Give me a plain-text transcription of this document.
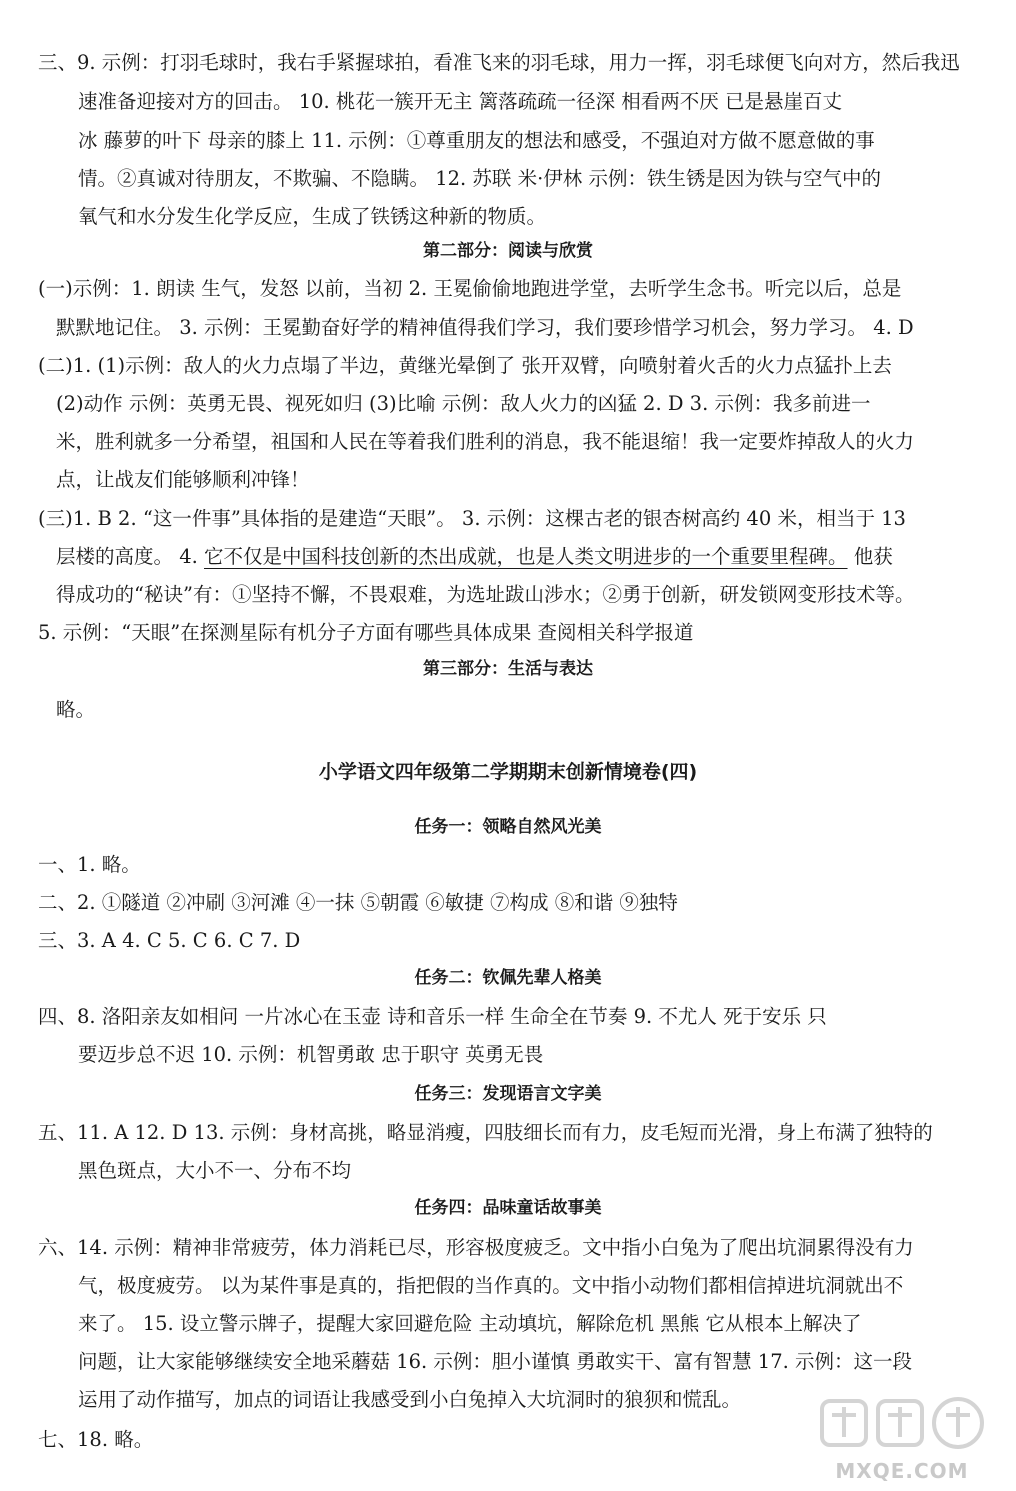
三、9. 示例：打羽毛球时，我右手紧握球拍，看准飞来的羽毛球，用力一挥，羽毛球便飞向对方，然后我迅
速准备迎接对方的回击。 10. 桃花一簇开无主 篱落疏疏一径深 相看两不厌 已是悬崖百丈
冰 藤萝的叶下 母亲的膝上 11. 示例：①尊重朋友的想法和感受，不强迫对方做不愿意做的事
情。②真诚对待朋友，不欺骗、不隐瞒。 12. 苏联 米·伊林 示例：铁生锈是因为铁与空气中的
氧气和水分发生化学反应，生成了铁锈这种新的物质。
第二部分：阅读与欣赏
(一)示例：1. 朗读 生气，发怒 以前，当初 2. 王冕偷偷地跑进学堂，去听学生念书。听完以后，总是
默默地记住。 3. 示例：王冕勤奋好学的精神值得我们学习，我们要珍惜学习机会，努力学习。 4. D
(二)1. (1)示例：敌人的火力点塌了半边，黄继光晕倒了 张开双臂，向喷射着火舌的火力点猛扑上去
(2)动作 示例：英勇无畏、视死如归 (3)比喻 示例：敌人火力的凶猛 2. D 3. 示例：我多前进一
米，胜利就多一分希望，祖国和人民在等着我们胜利的消息，我不能退缩！我一定要炸掉敌人的火力
点，让战友们能够顺利冲锋！
(三)1. B 2. “这一件事”具体指的是建造“天眼”。 3. 示例：这棵古老的银杏树高约 40 米，相当于 13
层楼的高度。 4. 它不仅是中国科技创新的杰出成就，也是人类文明进步的一个重要里程碑。 他获
得成功的“秘诀”有：①坚持不懈，不畏艰难，为选址跋山涉水；②勇于创新，研发锁网变形技术等。
5. 示例：“天眼”在探测星际有机分子方面有哪些具体成果 查阅相关科学报道
第三部分：生活与表达
略。
小学语文四年级第二学期期末创新情境卷(四)
任务一：领略自然风光美
一、1. 略。
二、2. ①隧道 ②冲刷 ③河滩 ④一抹 ⑤朝霞 ⑥敏捷 ⑦构成 ⑧和谐 ⑨独特
三、3. A 4. C 5. C 6. C 7. D
任务二：钦佩先辈人格美
四、8. 洛阳亲友如相问 一片冰心在玉壶 诗和音乐一样 生命全在节奏 9. 不尤人 死于安乐 只
要迈步总不迟 10. 示例：机智勇敢 忠于职守 英勇无畏
任务三：发现语言文字美
五、11. A 12. D 13. 示例：身材高挑，略显消瘦，四肢细长而有力，皮毛短而光滑，身上布满了独特的
黑色斑点，大小不一、分布不均
任务四：品味童话故事美
六、14. 示例：精神非常疲劳，体力消耗已尽，形容极度疲乏。文中指小白兔为了爬出坑洞累得没有力
气，极度疲劳。 以为某件事是真的，指把假的当作真的。文中指小动物们都相信掉进坑洞就出不
来了。 15. 设立警示牌子，提醒大家回避危险 主动填坑，解除危机 黑熊 它从根本上解决了
问题，让大家能够继续安全地采蘑菇 16. 示例：胆小谨慎 勇敢实干、富有智慧 17. 示例：这一段
运用了动作描写，加点的词语让我感受到小白兔掉入大坑洞时的狼狈和慌乱。
七、18. 略。
MXQE.COM
